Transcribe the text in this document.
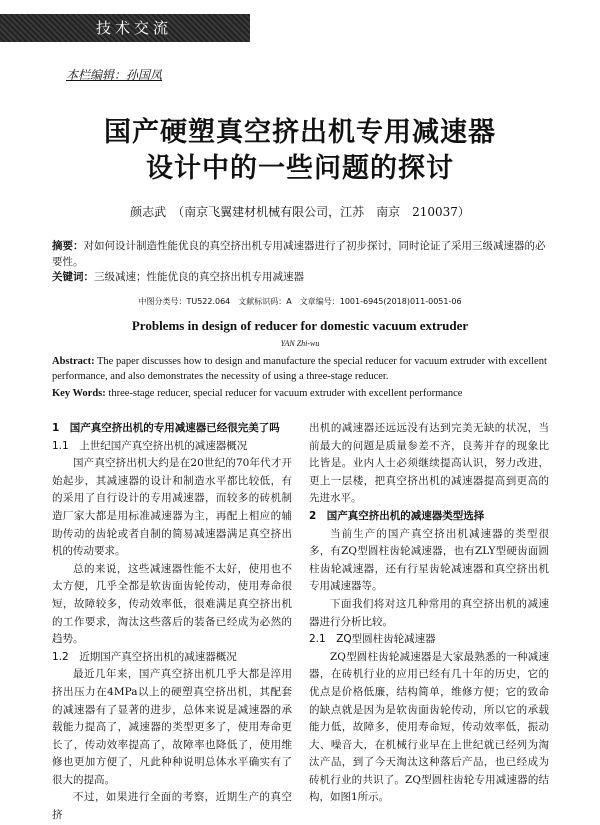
技术交流
本栏编辑：孙国凤
国产硬塑真空挤出机专用减速器
设计中的一些问题的探讨
颜志武　（南京飞翼建材机械有限公司，江苏　南京　210037）
摘要：对如何设计制造性能优良的真空挤出机专用减速器进行了初步探讨，同时论证了采用三级减速器的必要性。
关键词：三级减速；性能优良的真空挤出机专用减速器
中图分类号：TU522.064　文献标识码：A　文章编号：1001-6945(2018)011-0051-06
Problems in design of reducer for domestic vacuum extruder
YAN Zhi-wu
Abstract: The paper discusses how to design and manufacture the special reducer for vacuum extruder with excellent performance, and also demonstrates the necessity of using a three-stage reducer.
Key Words: three-stage reducer, special reducer for vacuum extruder with excellent performance

1　国产真空挤出机的专用减速器已经很完美了吗

1.1　上世纪国产真空挤出机的减速器概况

国产真空挤出机大约是在20世纪的70年代才开始起步，其减速器的设计和制造水平都比较低，有的采用了自行设计的专用减速器，而较多的砖机制造厂家大都是用标准减速器为主，再配上相应的辅助传动的齿轮或者自制的简易减速器满足真空挤出机的传动要求。

总的来说，这些减速器性能不太好，使用也不太方便，几乎全都是软齿面齿轮传动，使用寿命很短，故障较多，传动效率低，很难满足真空挤出机的工作要求，淘汰这些落后的装备已经成为必然的趋势。

1.2　近期国产真空挤出机的减速器概况

最近几年来，国产真空挤出机几乎大都是淬用挤出压力在4MPa以上的硬塑真空挤出机，其配套的减速器有了显著的进步，总体来说是减速器的承载能力提高了，减速器的类型更多了，使用寿命更长了，传动效率提高了，故障率也降低了，使用维修也更加方便了，凡此种种说明总体水平确实有了很大的提高。

不过，如果进行全面的考察，近期生产的真空挤

出机的减速器还远远没有达到完美无缺的状况，当前最大的问题是质量参差不齐，良莠并存的现象比比皆是。业内人士必须继续提高认识，努力改进，更上一层楼，把真空挤出机的减速器提高到更高的先进水平。

2　国产真空挤出机的减速器类型选择

当前生产的国产真空挤出机减速器的类型很多，有ZQ型圆柱齿轮减速器，也有ZLY型硬齿面圆柱齿轮减速器，还有行星齿轮减速器和真空挤出机专用减速器等。

下面我们将对这几种常用的真空挤出机的减速器进行分析比较。

2.1　ZQ型圆柱齿轮减速器

ZQ型圆柱齿轮减速器是大家最熟悉的一种减速器，在砖机行业的应用已经有几十年的历史，它的优点是价格低廉，结构简单，维修方便；它的致命的缺点就是因为是软齿面齿轮传动，所以它的承载能力低，故障多，使用寿命短，传动效率低，振动大、噪音大，在机械行业早在上世纪就已经列为淘汰产品，到了今天淘汰这种落后产品，也已经成为砖机行业的共识了。ZQ型圆柱齿轮专用减速器的结构，如图1所示。
